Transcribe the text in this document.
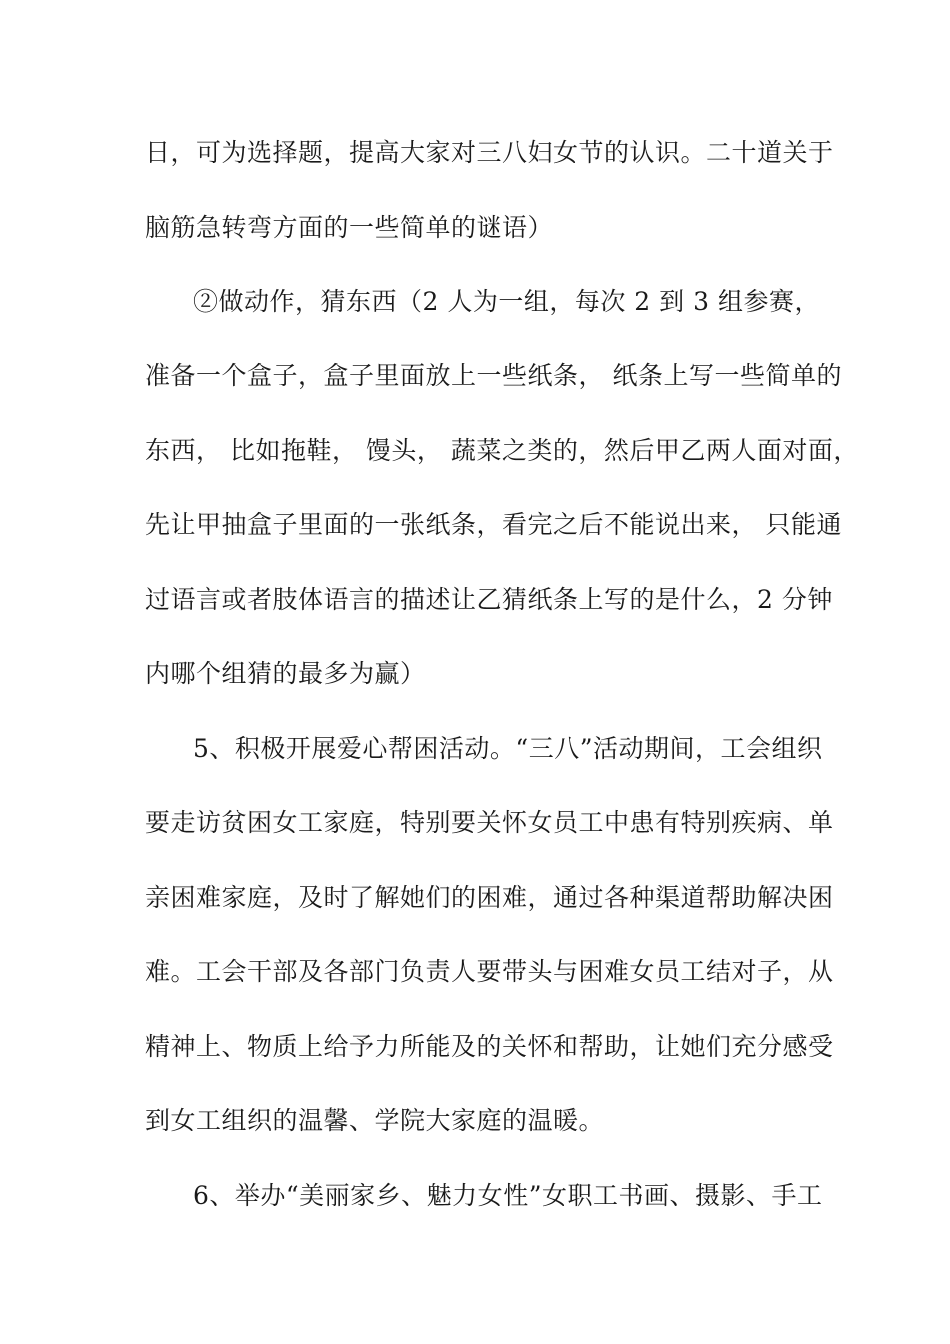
日，可为选择题，提高大家对三八妇女节的认识。二十道关于
脑筋急转弯方面的一些简单的谜语）
②做动作，猜东西（2 人为一组，每次 2 到 3 组参赛，
准备一个盒子，盒子里面放上一些纸条， 纸条上写一些简单的
东西， 比如拖鞋， 馒头， 蔬菜之类的，然后甲乙两人面对面，
先让甲抽盒子里面的一张纸条，看完之后不能说出来， 只能通
过语言或者肢体语言的描述让乙猜纸条上写的是什么，2 分钟
内哪个组猜的最多为赢）
5、积极开展爱心帮困活动。“三八”活动期间，工会组织
要走访贫困女工家庭，特别要关怀女员工中患有特别疾病、单
亲困难家庭，及时了解她们的困难，通过各种渠道帮助解决困
难。工会干部及各部门负责人要带头与困难女员工结对子，从
精神上、物质上给予力所能及的关怀和帮助，让她们充分感受
到女工组织的温馨、学院大家庭的温暖。
6、举办“美丽家乡、魅力女性”女职工书画、摄影、手工
